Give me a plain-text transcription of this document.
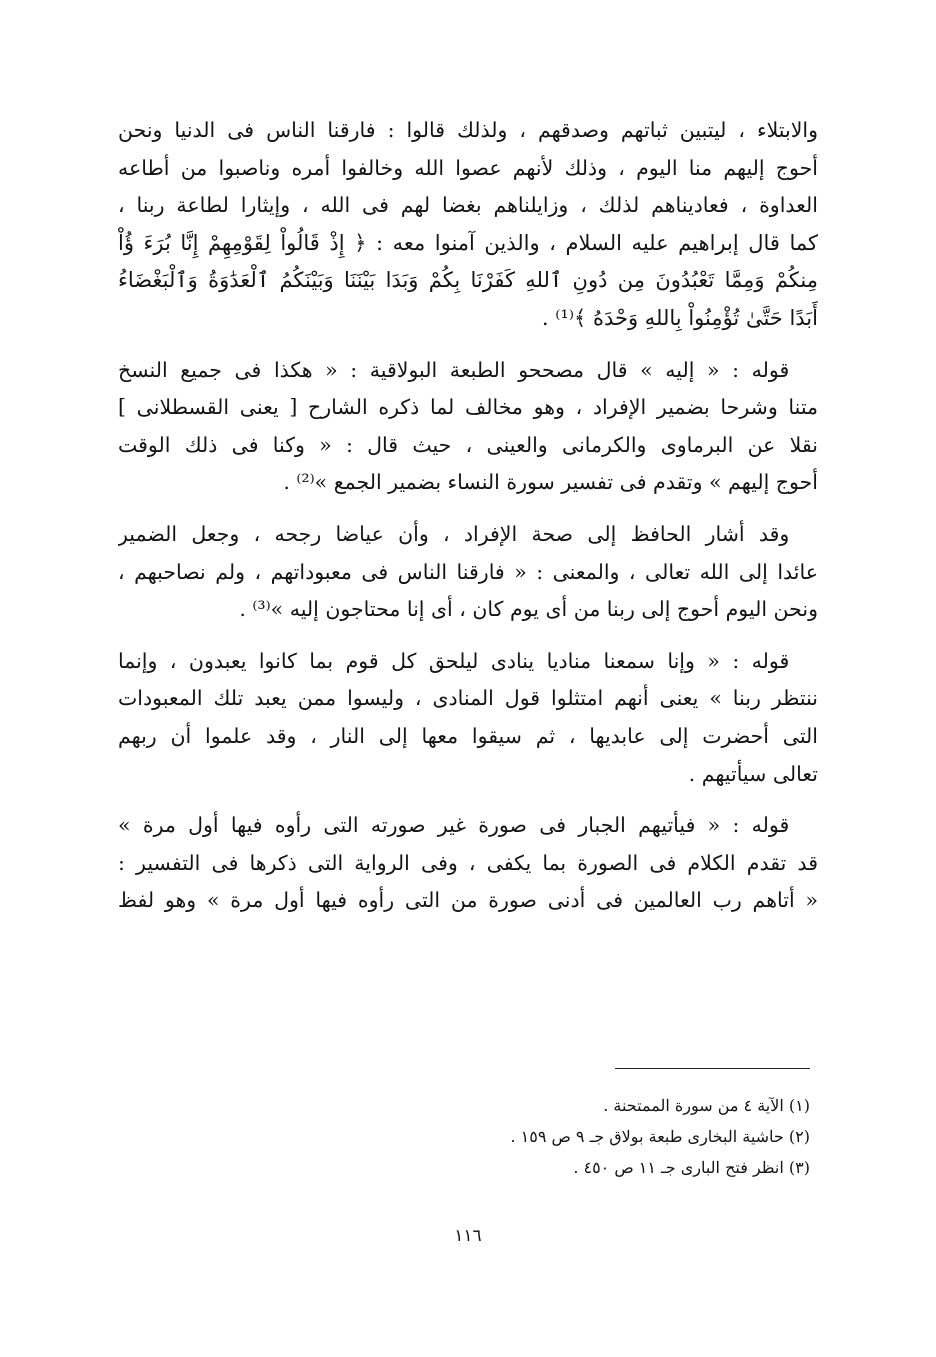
والابتلاء ، ليتبين ثباتهم وصدقهم ، ولذلك قالوا : فارقنا الناس فى الدنيا ونحن
أحوج إليهم منا اليوم ، وذلك لأنهم عصوا الله وخالفوا أمره وناصبوا من أطاعه
العداوة ، فعاديناهم لذلك ، وزايلناهم بغضا لهم فى الله ، وإيثارا لطاعة ربنا ،
كما قال إبراهيم عليه السلام ، والذين آمنوا معه : ﴿ إِذْ قَالُواْ لِقَوْمِهِمْ إِنَّا بُرَءَ ؤُاْ
مِنكُمْ وَمِمَّا تَعْبُدُونَ مِن دُونِ ٱللهِ كَفَرْنَا بِكُمْ وَبَدَا بَيْنَنَا وَبَيْنَكُمُ ٱلْعَدَٰوَةُ وَٱلْبَغْضَاءُ
أَبَدًا حَتَّىٰ تُؤْمِنُواْ بِاللهِ وَحْدَهُ ﴾⁽¹⁾ .

قوله : « إليه » قال مصححو الطبعة البولاقية : « هكذا فى جميع النسخ
متنا وشرحا بضمير الإفراد ، وهو مخالف لما ذكره الشارح [ يعنى القسطلانى ]
نقلا عن البرماوى والكرمانى والعينى ، حيث قال : « وكنا فى ذلك الوقت
أحوج إليهم » وتقدم فى تفسير سورة النساء بضمير الجمع »⁽²⁾ .

وقد أشار الحافظ إلى صحة الإفراد ، وأن عياضا رجحه ، وجعل الضمير
عائدا إلى الله تعالى ، والمعنى : « فارقنا الناس فى معبوداتهم ، ولم نصاحبهم ،
ونحن اليوم أحوج إلى ربنا من أى يوم كان ، أى إنا محتاجون إليه »⁽³⁾ .

قوله : « وإنا سمعنا مناديا ينادى ليلحق كل قوم بما كانوا يعبدون ، وإنما
ننتظر ربنا » يعنى أنهم امتثلوا قول المنادى ، وليسوا ممن يعبد تلك المعبودات
التى أحضرت إلى عابديها ، ثم سيقوا معها إلى النار ، وقد علموا أن ربهم
تعالى سيأتيهم .

قوله : « فيأتيهم الجبار فى صورة غير صورته التى رأوه فيها أول مرة »
قد تقدم الكلام فى الصورة بما يكفى ، وفى الرواية التى ذكرها فى التفسير :
« أتاهم رب العالمين فى أدنى صورة من التى رأوه فيها أول مرة » وهو لفظ

(١) الآية ٤ من سورة الممتحنة .
(٢) حاشية البخارى طبعة بولاق جـ ٩ ص ١٥٩ .
(٣) انظر فتح البارى جـ ١١ ص ٤٥٠ .
١١٦
